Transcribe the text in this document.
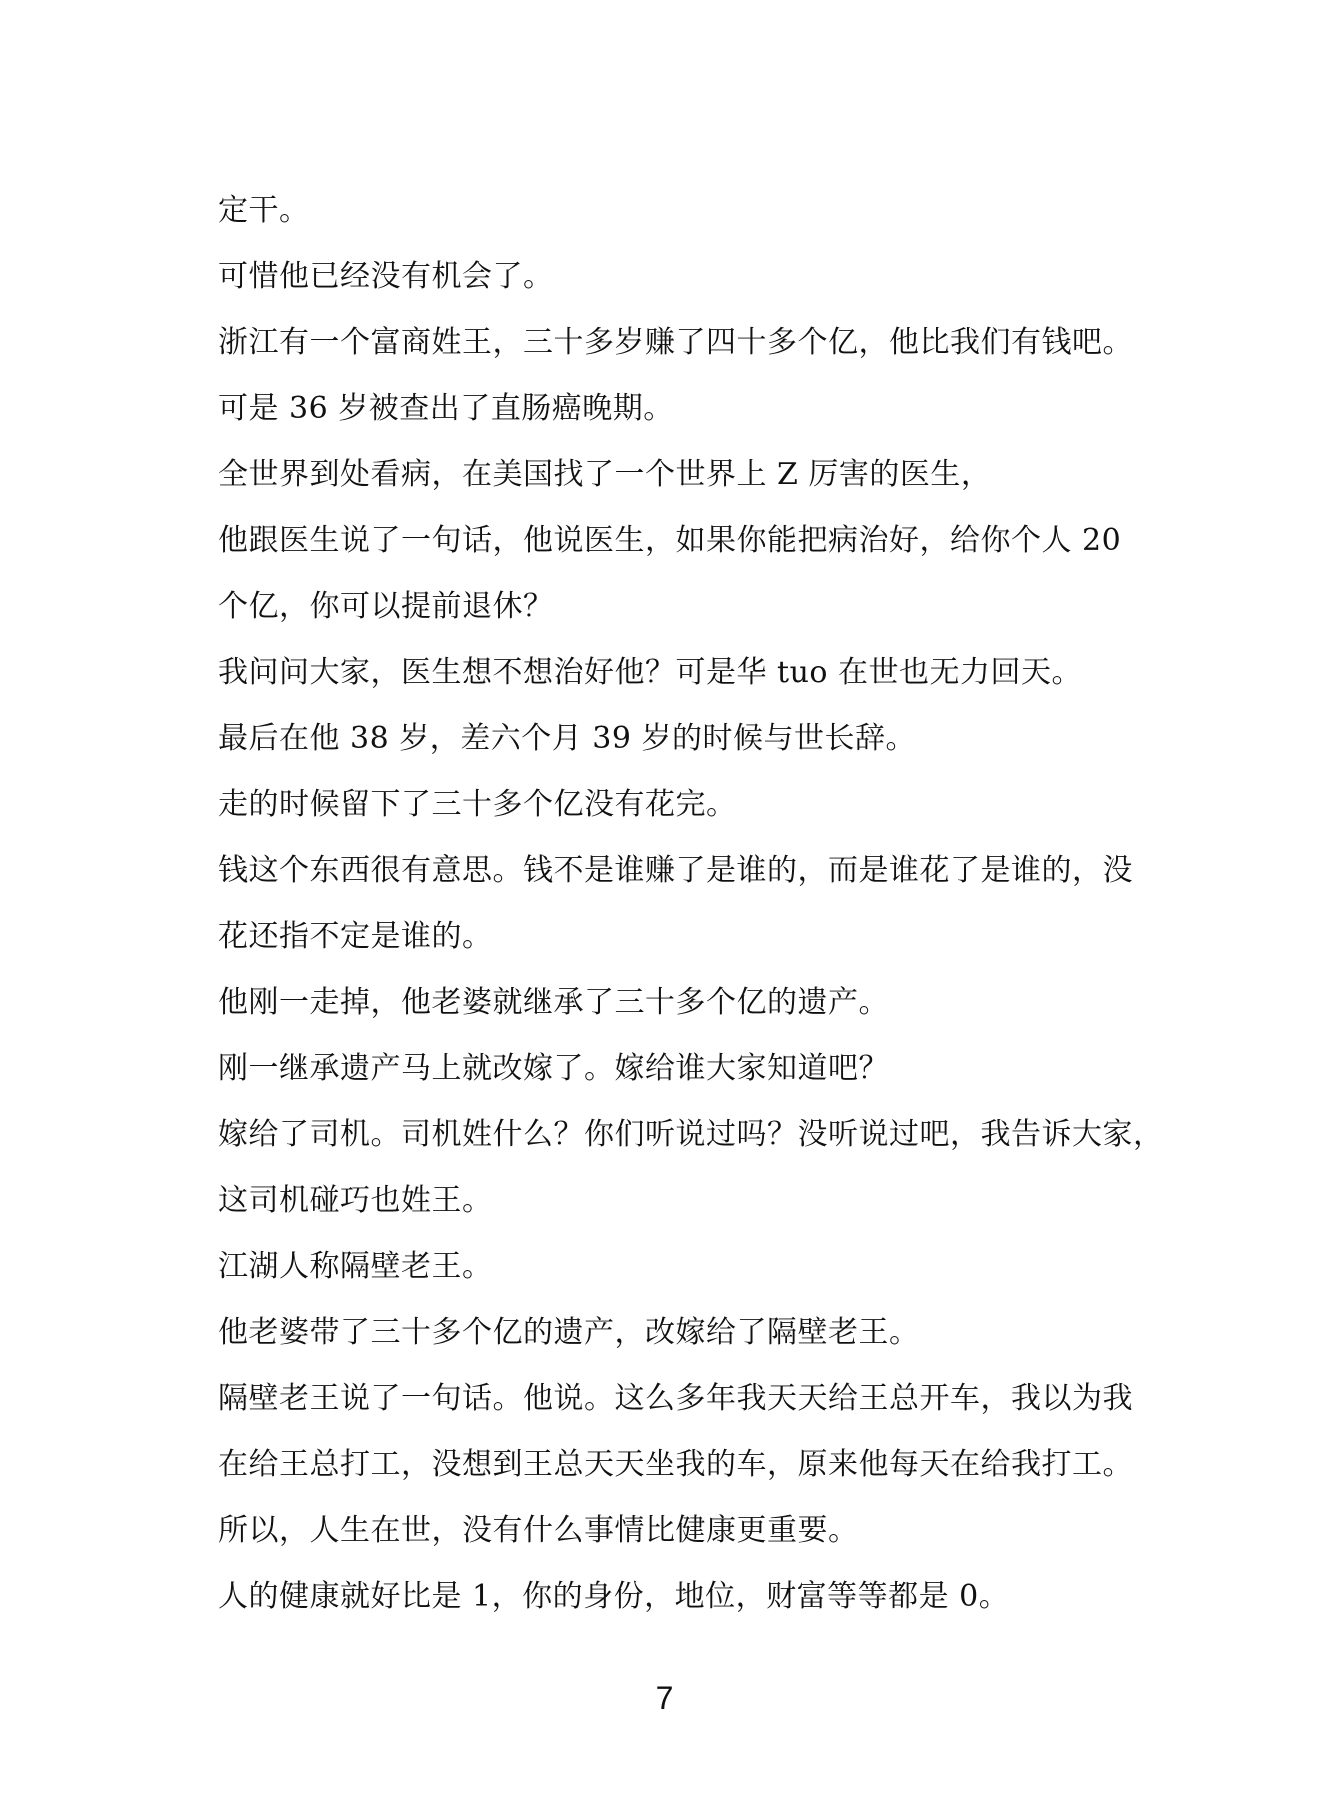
定干。
可惜他已经没有机会了。
浙江有一个富商姓王，三十多岁赚了四十多个亿，他比我们有钱吧。
可是 36 岁被查出了直肠癌晚期。
全世界到处看病，在美国找了一个世界上 Z 厉害的医生，
他跟医生说了一句话，他说医生，如果你能把病治好，给你个人 20
个亿，你可以提前退休？
我问问大家，医生想不想治好他？可是华 tuo 在世也无力回天。
最后在他 38 岁，差六个月 39 岁的时候与世长辞。
走的时候留下了三十多个亿没有花完。
钱这个东西很有意思。钱不是谁赚了是谁的，而是谁花了是谁的，没
花还指不定是谁的。
他刚一走掉，他老婆就继承了三十多个亿的遗产。
刚一继承遗产马上就改嫁了。嫁给谁大家知道吧？
嫁给了司机。司机姓什么？你们听说过吗？没听说过吧，我告诉大家，
这司机碰巧也姓王。
江湖人称隔壁老王。
他老婆带了三十多个亿的遗产，改嫁给了隔壁老王。
隔壁老王说了一句话。他说。这么多年我天天给王总开车，我以为我
在给王总打工，没想到王总天天坐我的车，原来他每天在给我打工。
所以，人生在世，没有什么事情比健康更重要。
人的健康就好比是 1，你的身份，地位，财富等等都是 0。
7
